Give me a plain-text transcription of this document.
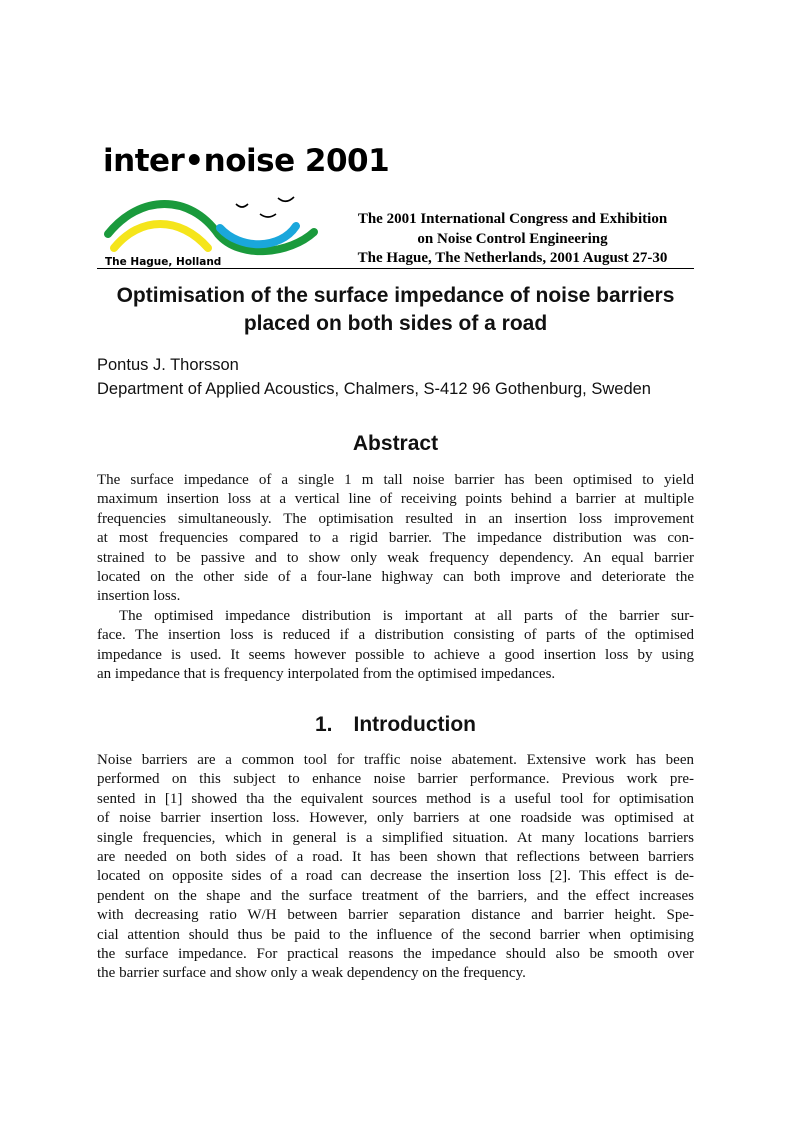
inter•noise 2001
The Hague, Holland
The 2001 International Congress and Exhibition
on Noise Control Engineering
The Hague, The Netherlands, 2001 August 27-30
Optimisation of the surface impedance of noise barriers
placed on both sides of a road
Pontus J. Thorsson
Department of Applied Acoustics, Chalmers, S-412 96 Gothenburg, Sweden
Abstract
The surface impedance of a single 1 m tall noise barrier has been optimised to yield
maximum insertion loss at a vertical line of receiving points behind a barrier at multiple
frequencies simultaneously. The optimisation resulted in an insertion loss improvement
at most frequencies compared to a rigid barrier. The impedance distribution was con-
strained to be passive and to show only weak frequency dependency. An equal barrier
located on the other side of a four-lane highway can both improve and deteriorate the
insertion loss.
The optimised impedance distribution is important at all parts of the barrier sur-
face. The insertion loss is reduced if a distribution consisting of parts of the optimised
impedance is used. It seems however possible to achieve a good insertion loss by using
an impedance that is frequency interpolated from the optimised impedances.
1. Introduction
Noise barriers are a common tool for traffic noise abatement. Extensive work has been
performed on this subject to enhance noise barrier performance. Previous work pre-
sented in [1] showed tha the equivalent sources method is a useful tool for optimisation
of noise barrier insertion loss. However, only barriers at one roadside was optimised at
single frequencies, which in general is a simplified situation. At many locations barriers
are needed on both sides of a road. It has been shown that reflections between barriers
located on opposite sides of a road can decrease the insertion loss [2]. This effect is de-
pendent on the shape and the surface treatment of the barriers, and the effect increases
with decreasing ratio W/H between barrier separation distance and barrier height. Spe-
cial attention should thus be paid to the influence of the second barrier when optimising
the surface impedance. For practical reasons the impedance should also be smooth over
the barrier surface and show only a weak dependency on the frequency.
